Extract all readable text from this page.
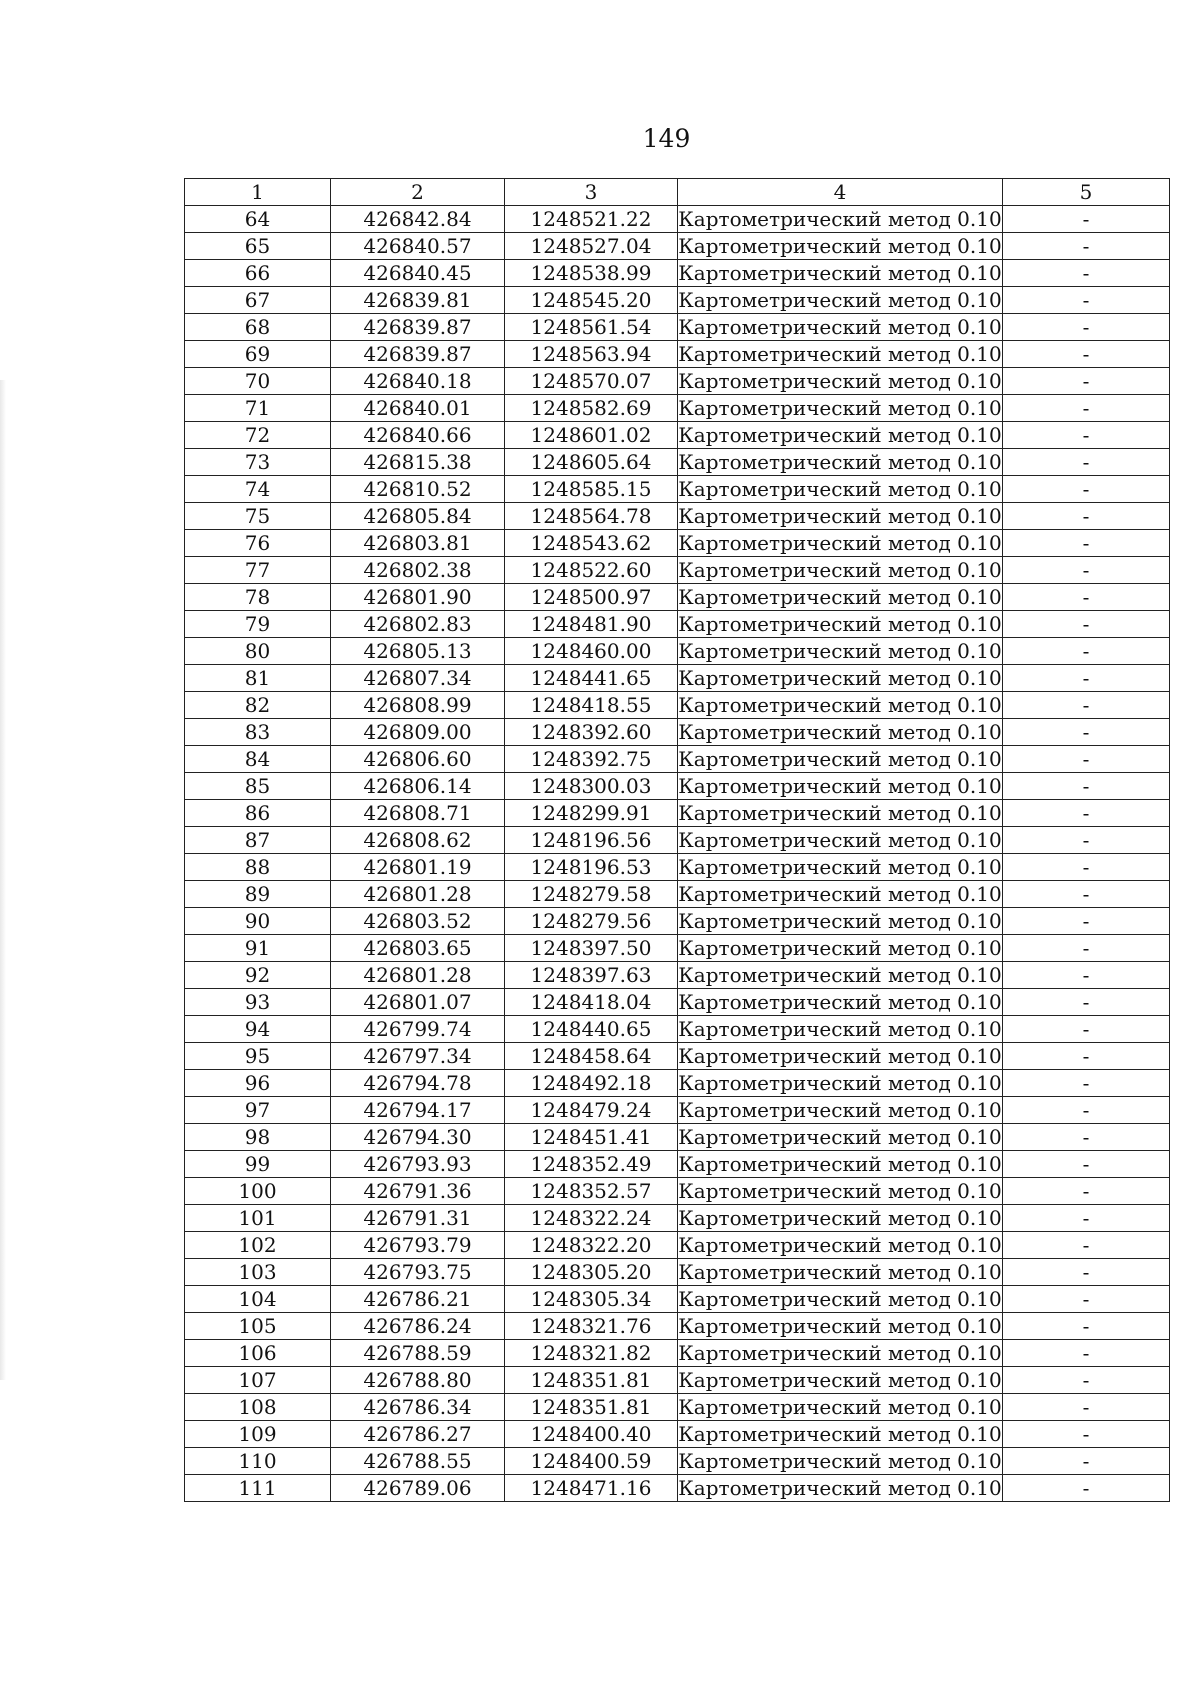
149
1	2	3	4	5
64	426842.84	1248521.22	Картометрический метод 0.10	-
65	426840.57	1248527.04	Картометрический метод 0.10	-
66	426840.45	1248538.99	Картометрический метод 0.10	-
67	426839.81	1248545.20	Картометрический метод 0.10	-
68	426839.87	1248561.54	Картометрический метод 0.10	-
69	426839.87	1248563.94	Картометрический метод 0.10	-
70	426840.18	1248570.07	Картометрический метод 0.10	-
71	426840.01	1248582.69	Картометрический метод 0.10	-
72	426840.66	1248601.02	Картометрический метод 0.10	-
73	426815.38	1248605.64	Картометрический метод 0.10	-
74	426810.52	1248585.15	Картометрический метод 0.10	-
75	426805.84	1248564.78	Картометрический метод 0.10	-
76	426803.81	1248543.62	Картометрический метод 0.10	-
77	426802.38	1248522.60	Картометрический метод 0.10	-
78	426801.90	1248500.97	Картометрический метод 0.10	-
79	426802.83	1248481.90	Картометрический метод 0.10	-
80	426805.13	1248460.00	Картометрический метод 0.10	-
81	426807.34	1248441.65	Картометрический метод 0.10	-
82	426808.99	1248418.55	Картометрический метод 0.10	-
83	426809.00	1248392.60	Картометрический метод 0.10	-
84	426806.60	1248392.75	Картометрический метод 0.10	-
85	426806.14	1248300.03	Картометрический метод 0.10	-
86	426808.71	1248299.91	Картометрический метод 0.10	-
87	426808.62	1248196.56	Картометрический метод 0.10	-
88	426801.19	1248196.53	Картометрический метод 0.10	-
89	426801.28	1248279.58	Картометрический метод 0.10	-
90	426803.52	1248279.56	Картометрический метод 0.10	-
91	426803.65	1248397.50	Картометрический метод 0.10	-
92	426801.28	1248397.63	Картометрический метод 0.10	-
93	426801.07	1248418.04	Картометрический метод 0.10	-
94	426799.74	1248440.65	Картометрический метод 0.10	-
95	426797.34	1248458.64	Картометрический метод 0.10	-
96	426794.78	1248492.18	Картометрический метод 0.10	-
97	426794.17	1248479.24	Картометрический метод 0.10	-
98	426794.30	1248451.41	Картометрический метод 0.10	-
99	426793.93	1248352.49	Картометрический метод 0.10	-
100	426791.36	1248352.57	Картометрический метод 0.10	-
101	426791.31	1248322.24	Картометрический метод 0.10	-
102	426793.79	1248322.20	Картометрический метод 0.10	-
103	426793.75	1248305.20	Картометрический метод 0.10	-
104	426786.21	1248305.34	Картометрический метод 0.10	-
105	426786.24	1248321.76	Картометрический метод 0.10	-
106	426788.59	1248321.82	Картометрический метод 0.10	-
107	426788.80	1248351.81	Картометрический метод 0.10	-
108	426786.34	1248351.81	Картометрический метод 0.10	-
109	426786.27	1248400.40	Картометрический метод 0.10	-
110	426788.55	1248400.59	Картометрический метод 0.10	-
111	426789.06	1248471.16	Картометрический метод 0.10	-
